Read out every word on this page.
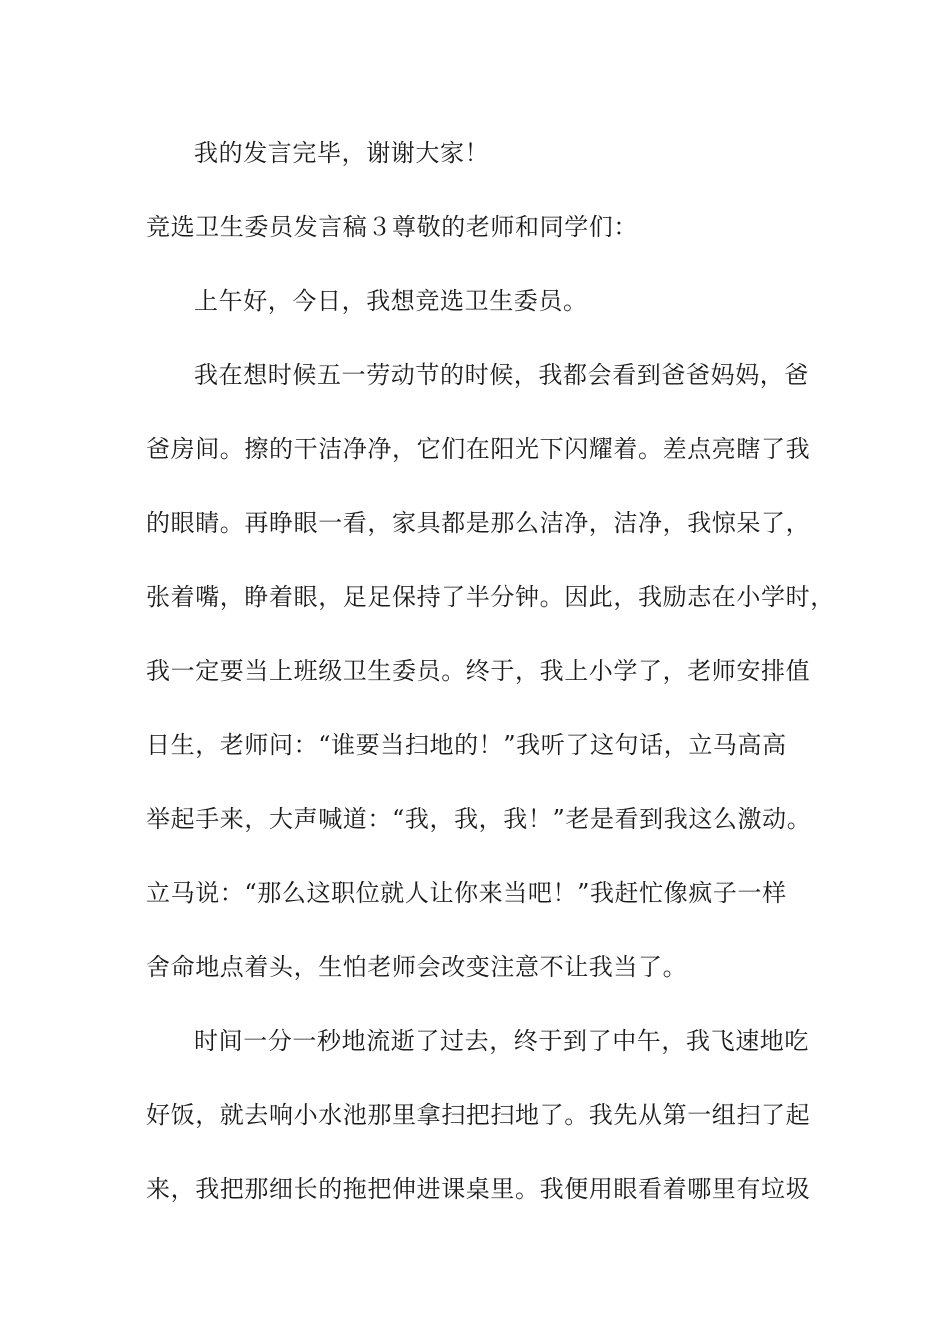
我的发言完毕，谢谢大家！
竞选卫生委员发言稿３尊敬的老师和同学们：
上午好，今日，我想竞选卫生委员。
我在想时候五一劳动节的时候，我都会看到爸爸妈妈，爸
爸房间。擦的干洁净净，它们在阳光下闪耀着。差点亮瞎了我
的眼睛。再睁眼一看，家具都是那么洁净，洁净，我惊呆了，
张着嘴，睁着眼，足足保持了半分钟。因此，我励志在小学时，
我一定要当上班级卫生委员。终于，我上小学了，老师安排值
日生，老师问：“谁要当扫地的！”我听了这句话，立马高高
举起手来，大声喊道：“我，我，我！”老是看到我这么激动。
立马说：“那么这职位就人让你来当吧！”我赶忙像疯子一样
舍命地点着头，生怕老师会改变注意不让我当了。
时间一分一秒地流逝了过去，终于到了中午，我飞速地吃
好饭，就去响小水池那里拿扫把扫地了。我先从第一组扫了起
来，我把那细长的拖把伸进课桌里。我便用眼看着哪里有垃圾
